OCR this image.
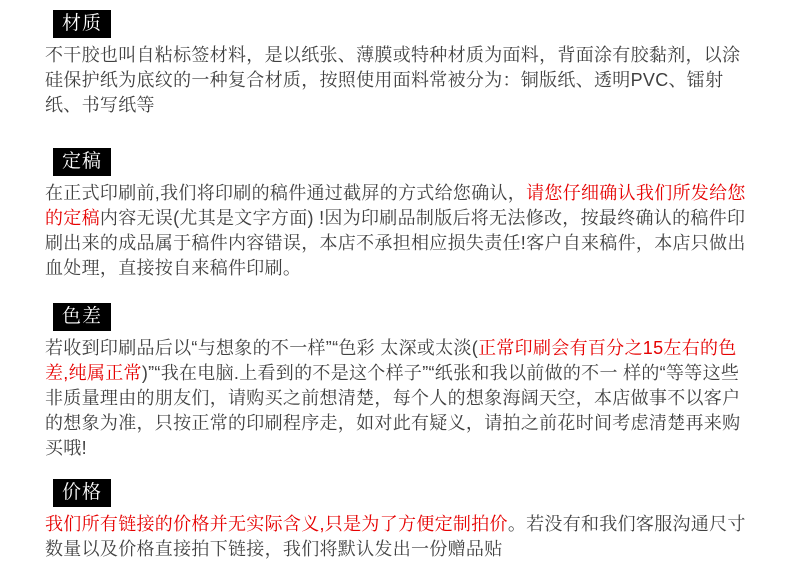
材质

不干胶也叫自粘标签材料，是以纸张、薄膜或特种材质为面料，背面涂有胶黏剂，以涂硅保护纸为底纹的一种复合材质，按照使用面料常被分为：铜版纸、透明PVC、镭射纸、书写纸等

定稿

在正式印刷前,我们将印刷的稿件通过截屏的方式给您确认，请您仔细确认我们所发给您的定稿内容无误(尤其是文字方面) !因为印刷品制版后将无法修改，按最终确认的稿件印刷出来的成品属于稿件内容错误，本店不承担相应损失责任!客户自来稿件，本店只做出血处理，直接按自来稿件印刷。

色差

若收到印刷品后以“与想象的不一样”“色彩 太深或太淡(正常印刷会有百分之15左右的色差,纯属正常)”“我在电脑.上看到的不是这个样子”“纸张和我以前做的不一 样的“等等这些非质量理由的朋友们，请购买之前想清楚，每个人的想象海阔天空，本店做事不以客户的想象为准，只按正常的印刷程序走，如对此有疑义，请拍之前花时间考虑清楚再来购买哦!

价格

我们所有链接的价格并无实际含义,只是为了方便定制拍价。若没有和我们客服沟通尺寸数量以及价格直接拍下链接，我们将默认发出一份赠品贴
